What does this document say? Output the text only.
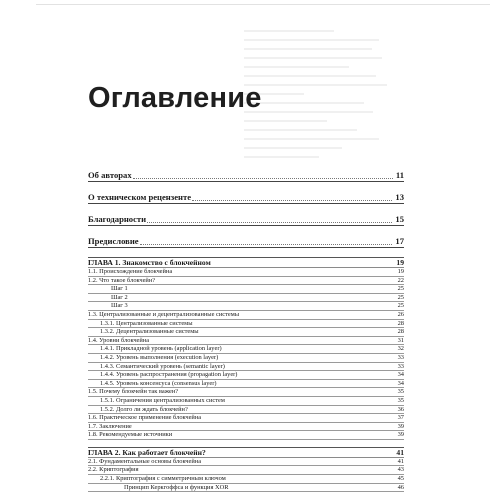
Оглавление
Об авторах	11
О техническом рецензенте	13
Благодарности	15
Предисловие	17
ГЛАВА 1. Знакомство с блокчейном	19
1.1. Происхождение блокчейна	19
1.2. Что такое блокчейн?	22
Шаг 1	25
Шаг 2	25
Шаг 3	25
1.3. Централизованные и децентрализованные системы	26
1.3.1. Централизованные системы	28
1.3.2. Децентрализованные системы	28
1.4. Уровни блокчейна	31
1.4.1. Прикладной уровень (application layer)	32
1.4.2. Уровень выполнения (execution layer)	33
1.4.3. Семантический уровень (semantic layer)	33
1.4.4. Уровень распространения (propagation layer)	34
1.4.5. Уровень консенсуса (consensus layer)	34
1.5. Почему блокчейн так важен?	35
1.5.1. Ограничения централизованных систем	35
1.5.2. Долго ли ждать блокчейн?	36
1.6. Практическое применение блокчейна	37
1.7. Заключение	39
1.8. Рекомендуемые источники	39
ГЛАВА 2. Как работает блокчейн?	41
2.1. Фундаментальные основы блокчейна	41
2.2. Криптография	43
2.2.1. Криптография с симметричным ключом	45
Принцип Керкгоффса и функция XOR	46
